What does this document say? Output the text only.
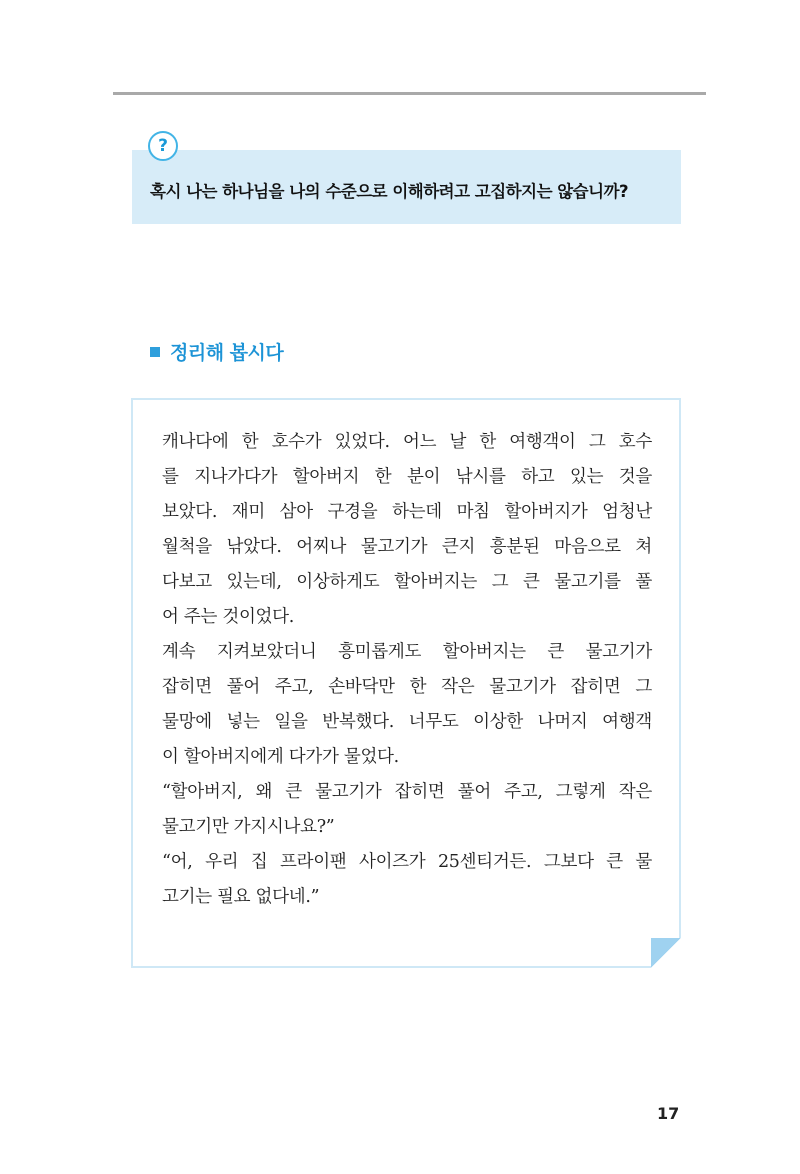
?
혹시 나는 하나님을 나의 수준으로 이해하려고 고집하지는 않습니까?
정리해 봅시다
캐나다에 한 호수가 있었다. 어느 날 한 여행객이 그 호수
를 지나가다가 할아버지 한 분이 낚시를 하고 있는 것을
보았다. 재미 삼아 구경을 하는데 마침 할아버지가 엄청난
월척을 낚았다. 어찌나 물고기가 큰지 흥분된 마음으로 쳐
다보고 있는데, 이상하게도 할아버지는 그 큰 물고기를 풀
어 주는 것이었다.
계속 지켜보았더니 흥미롭게도 할아버지는 큰 물고기가
잡히면 풀어 주고, 손바닥만 한 작은 물고기가 잡히면 그
물망에 넣는 일을 반복했다. 너무도 이상한 나머지 여행객
이 할아버지에게 다가가 물었다.
“할아버지, 왜 큰 물고기가 잡히면 풀어 주고, 그렇게 작은
물고기만 가지시나요?”
“어, 우리 집 프라이팬 사이즈가 25센티거든. 그보다 큰 물
고기는 필요 없다네.”
17
